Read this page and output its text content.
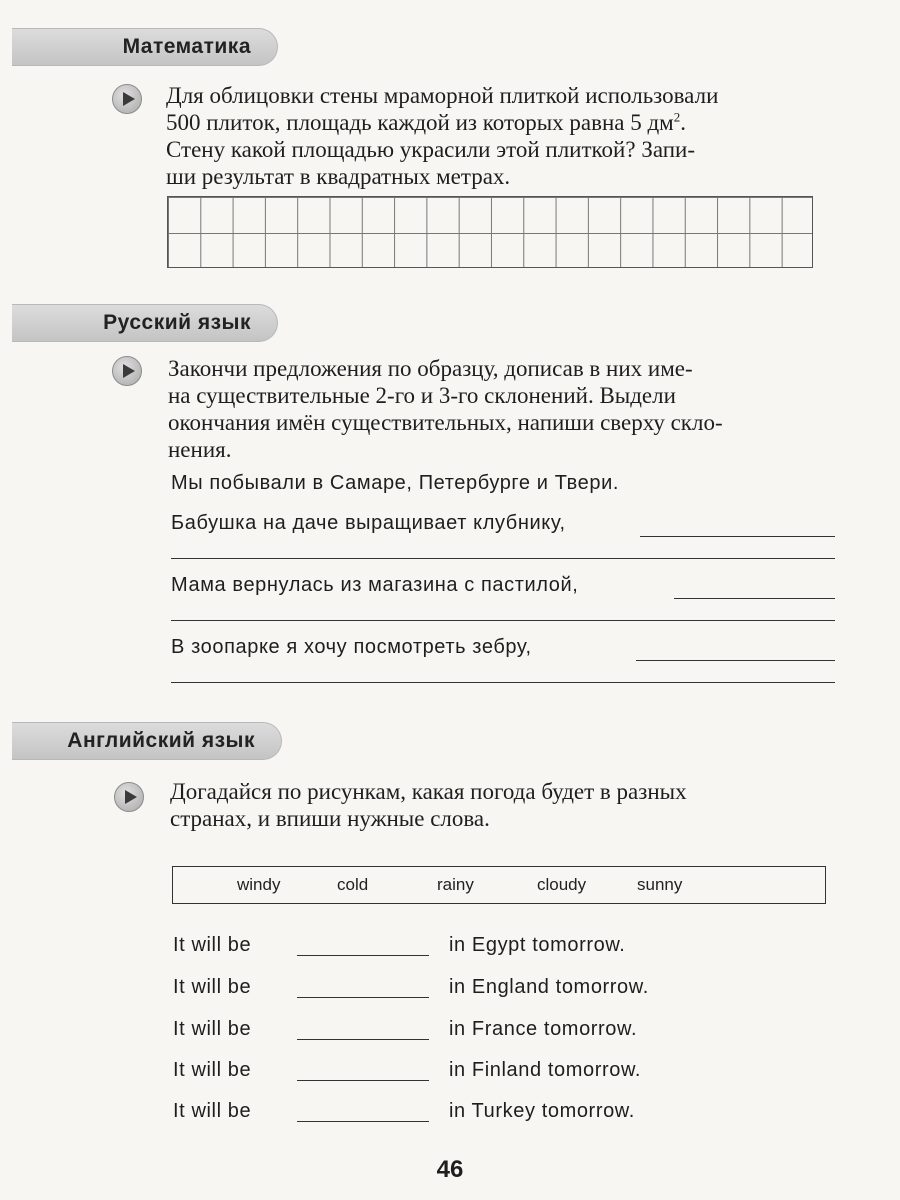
Математика
Для облицовки стены мраморной плиткой использовали
500 плиток, площадь каждой из которых равна 5 $дм^2$.
Стену какой площадью украсили этой плиткой? Запи-
ши результат в квадратных метрах.
Русский язык
Закончи предложения по образцу, дописав в них име-
на существительные 2-го и 3-го склонений. Выдели
окончания имён существительных, напиши сверху скло-
нения.
Мы побывали в Самаре, Петербурге и Твери.
Бабушка на даче выращивает клубнику,
Мама вернулась из магазина с пастилой,
В зоопарке я хочу посмотреть зебру,
Английский язык
Догадайся по рисункам, какая погода будет в разных
странах, и впиши нужные слова.
windy	cold	rainy	cloudy	sunny
It will be	in Egypt tomorrow.
It will be	in England tomorrow.
It will be	in France tomorrow.
It will be	in Finland tomorrow.
It will be	in Turkey tomorrow.
46
